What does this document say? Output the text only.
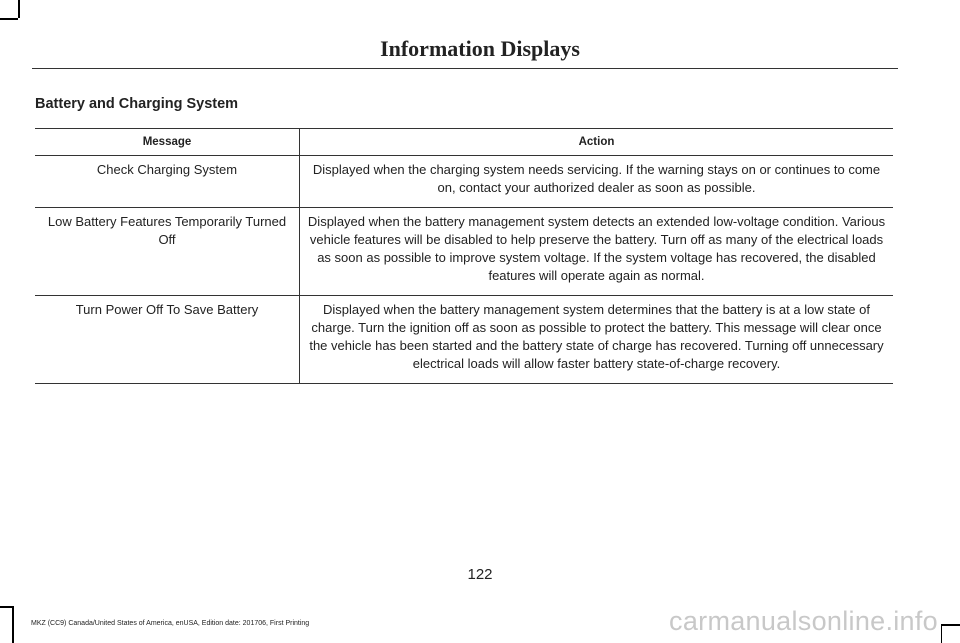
Information Displays
Battery and Charging System
Message	Action
Check Charging System	Displayed when the charging system needs servicing. If the warning stays on or continues to come on, contact your authorized dealer as soon as possible.
Low Battery Features Temporarily Turned Off	Displayed when the battery management system detects an extended low-voltage condition. Various vehicle features will be disabled to help preserve the battery. Turn off as many of the electrical loads as soon as possible to improve system voltage. If the system voltage has recovered, the disabled features will operate again as normal.
Turn Power Off To Save Battery	Displayed when the battery management system determines that the battery is at a low state of charge. Turn the ignition off as soon as possible to protect the battery. This message will clear once the vehicle has been started and the battery state of charge has recovered. Turning off unnecessary electrical loads will allow faster battery state-of-charge recovery.
122
MKZ (CC9) Canada/United States of America, enUSA, Edition date: 201706, First Printing	carmanualsonline.info
